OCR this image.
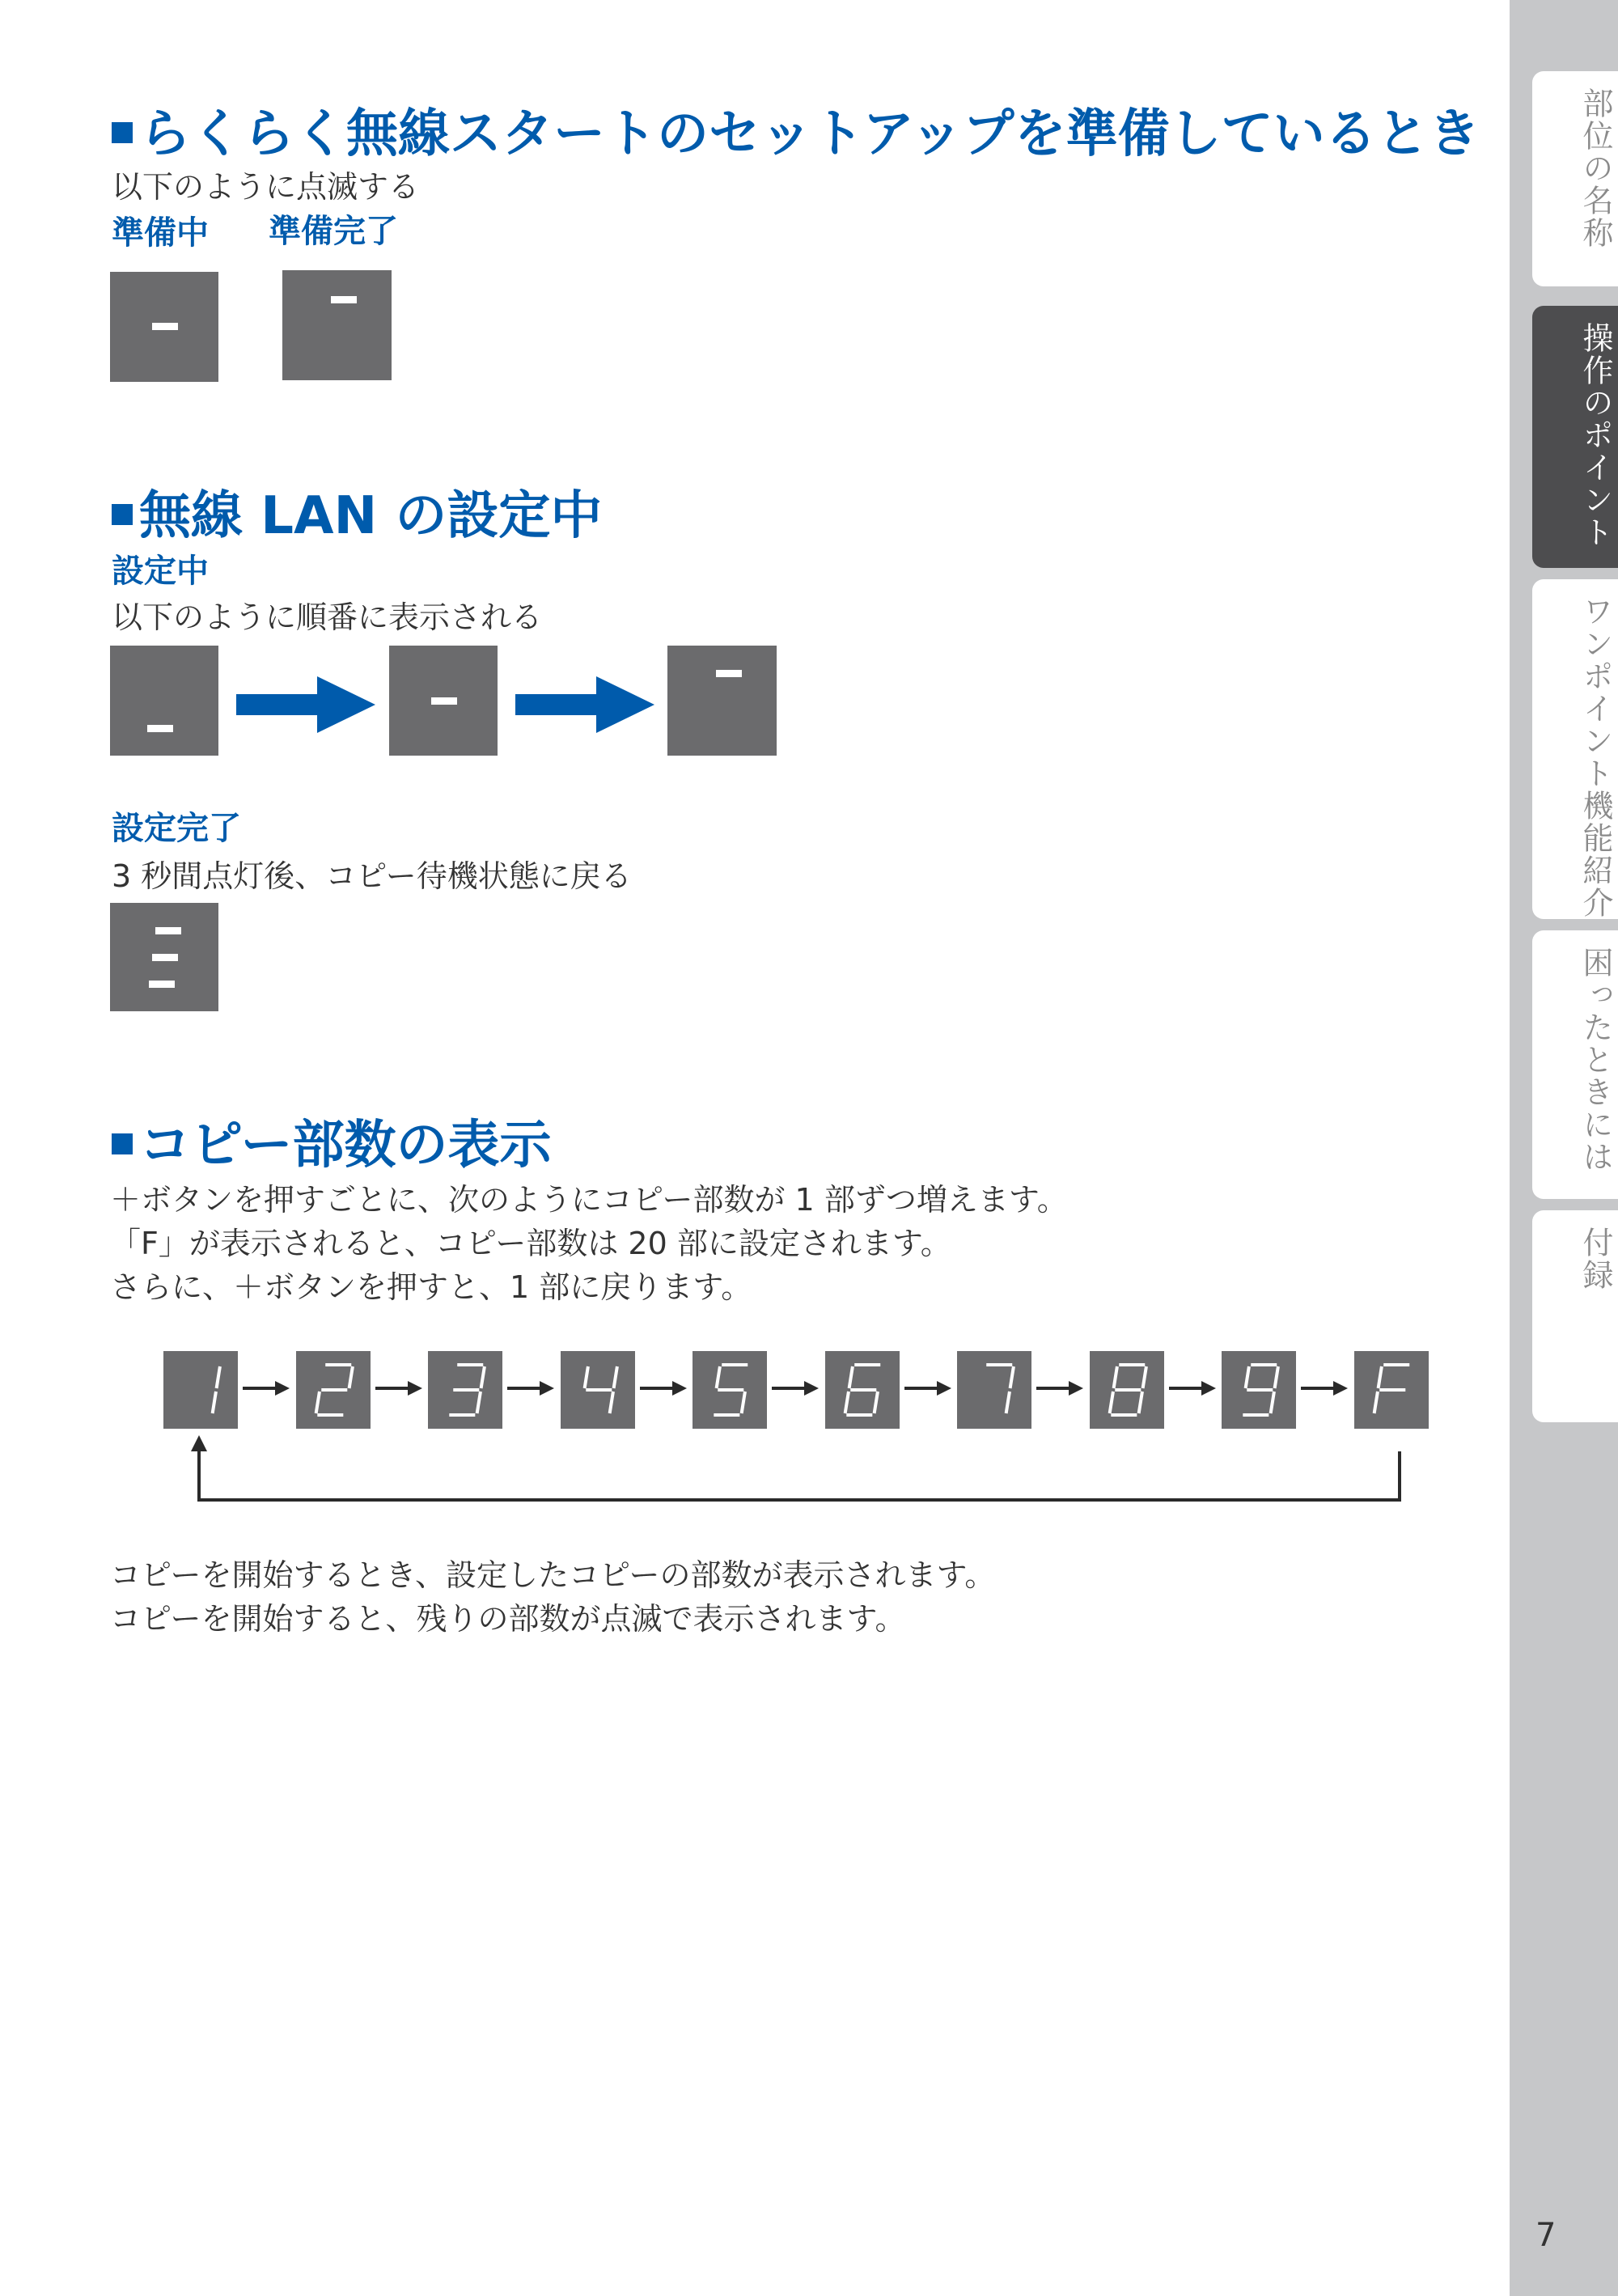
らくらく無線スタートのセットアップを準備しているとき
以下のように点滅する
準備中 準備完了
無線 LAN の設定中
設定中
以下のように順番に表示される
設定完了
3 秒間点灯後、コピー待機状態に戻る
コピー部数の表示
＋ボタンを押すごとに、次のようにコピー部数が 1 部ずつ増えます。
「F」が表示されると、コピー部数は 20 部に設定されます。
さらに、＋ボタンを押すと、1 部に戻ります。
コピーを開始するとき、設定したコピーの部数が表示されます。
コピーを開始すると、残りの部数が点滅で表示されます。
部位の名称
操作のポイント
ワンポイント機能紹介
困ったときには
付録
7
